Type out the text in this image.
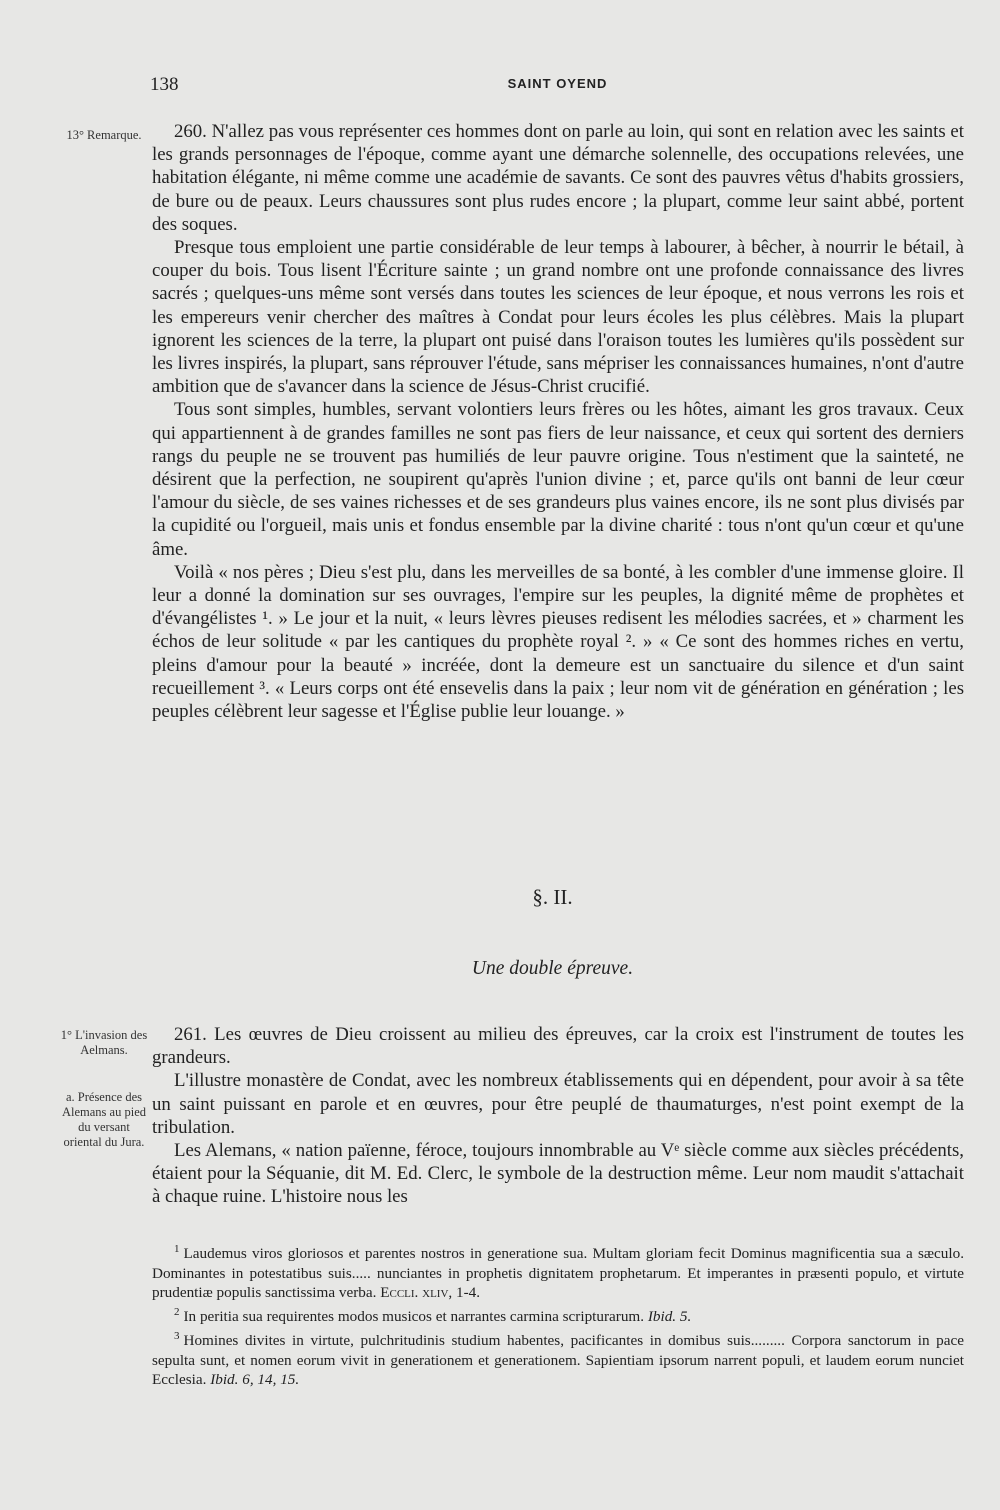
138	SAINT OYEND
13° Remarque.	260. N'allez pas vous représenter ces hommes dont on parle au loin, qui sont en relation avec les saints et les grands personnages de l'époque, comme ayant une démarche solennelle, des occupations relevées, une habitation élégante, ni même comme une académie de savants. Ce sont des pauvres vêtus d'habits grossiers, de bure ou de peaux. Leurs chaussures sont plus rudes encore ; la plupart, comme leur saint abbé, portent des soques.

Presque tous emploient une partie considérable de leur temps à labourer, à bêcher, à nourrir le bétail, à couper du bois. Tous lisent l'Écriture sainte ; un grand nombre ont une profonde connaissance des livres sacrés ; quelques-uns même sont versés dans toutes les sciences de leur époque, et nous verrons les rois et les empereurs venir chercher des maîtres à Condat pour leurs écoles les plus célèbres. Mais la plupart ignorent les sciences de la terre, la plupart ont puisé dans l'oraison toutes les lumières qu'ils possèdent sur les livres inspirés, la plupart, sans réprouver l'étude, sans mépriser les connaissances humaines, n'ont d'autre ambition que de s'avancer dans la science de Jésus-Christ crucifié.

Tous sont simples, humbles, servant volontiers leurs frères ou les hôtes, aimant les gros travaux. Ceux qui appartiennent à de grandes familles ne sont pas fiers de leur naissance, et ceux qui sortent des derniers rangs du peuple ne se trouvent pas humiliés de leur pauvre origine. Tous n'estiment que la sainteté, ne désirent que la perfection, ne soupirent qu'après l'union divine ; et, parce qu'ils ont banni de leur cœur l'amour du siècle, de ses vaines richesses et de ses grandeurs plus vaines encore, ils ne sont plus divisés par la cupidité ou l'orgueil, mais unis et fondus ensemble par la divine charité : tous n'ont qu'un cœur et qu'une âme.

Voilà « nos pères ; Dieu s'est plu, dans les merveilles de sa bonté, à les combler d'une immense gloire. Il leur a donné la domination sur ses ouvrages, l'empire sur les peuples, la dignité même de prophètes et d'évangélistes ¹. » Le jour et la nuit, « leurs lèvres pieuses redisent les mélodies sacrées, et » charment les échos de leur solitude « par les cantiques du prophète royal ². » « Ce sont des hommes riches en vertu, pleins d'amour pour la beauté » incréée, dont la demeure est un sanctuaire du silence et d'un saint recueillement ³. « Leurs corps ont été ensevelis dans la paix ; leur nom vit de génération en génération ; les peuples célèbrent leur sagesse et l'Église publie leur louange. »

§. II.
Une double épreuve.
1° L'invasion des Aelmans.
a. Présence des Alemans au pied du versant oriental du Jura.

261. Les œuvres de Dieu croissent au milieu des épreuves, car la croix est l'instrument de toutes les grandeurs.

L'illustre monastère de Condat, avec les nombreux établissements qui en dépendent, pour avoir à sa tête un saint puissant en parole et en œuvres, pour être peuplé de thaumaturges, n'est point exempt de la tribulation.

Les Alemans, « nation païenne, féroce, toujours innombrable au Vᵉ siècle comme aux siècles précédents, étaient pour la Séquanie, dit M. Ed. Clerc, le symbole de la destruction même. Leur nom maudit s'attachait à chaque ruine. L'histoire nous les

$^1$ Laudemus viros gloriosos et parentes nostros in generatione sua. Multam gloriam fecit Dominus magnificentia sua a sæculo. Dominantes in potestatibus suis..... nunciantes in prophetis dignitatem prophetarum. Et imperantes in præsenti populo, et virtute prudentiæ populis sanctissima verba. Eccli. xliv, 1-4.

$^2$ In peritia sua requirentes modos musicos et narrantes carmina scripturarum. Ibid. 5.

$^3$ Homines divites in virtute, pulchritudinis studium habentes, pacificantes in domibus suis......... Corpora sanctorum in pace sepulta sunt, et nomen eorum vivit in generationem et generationem. Sapientiam ipsorum narrent populi, et laudem eorum nunciet Ecclesia. Ibid. 6, 14, 15.
